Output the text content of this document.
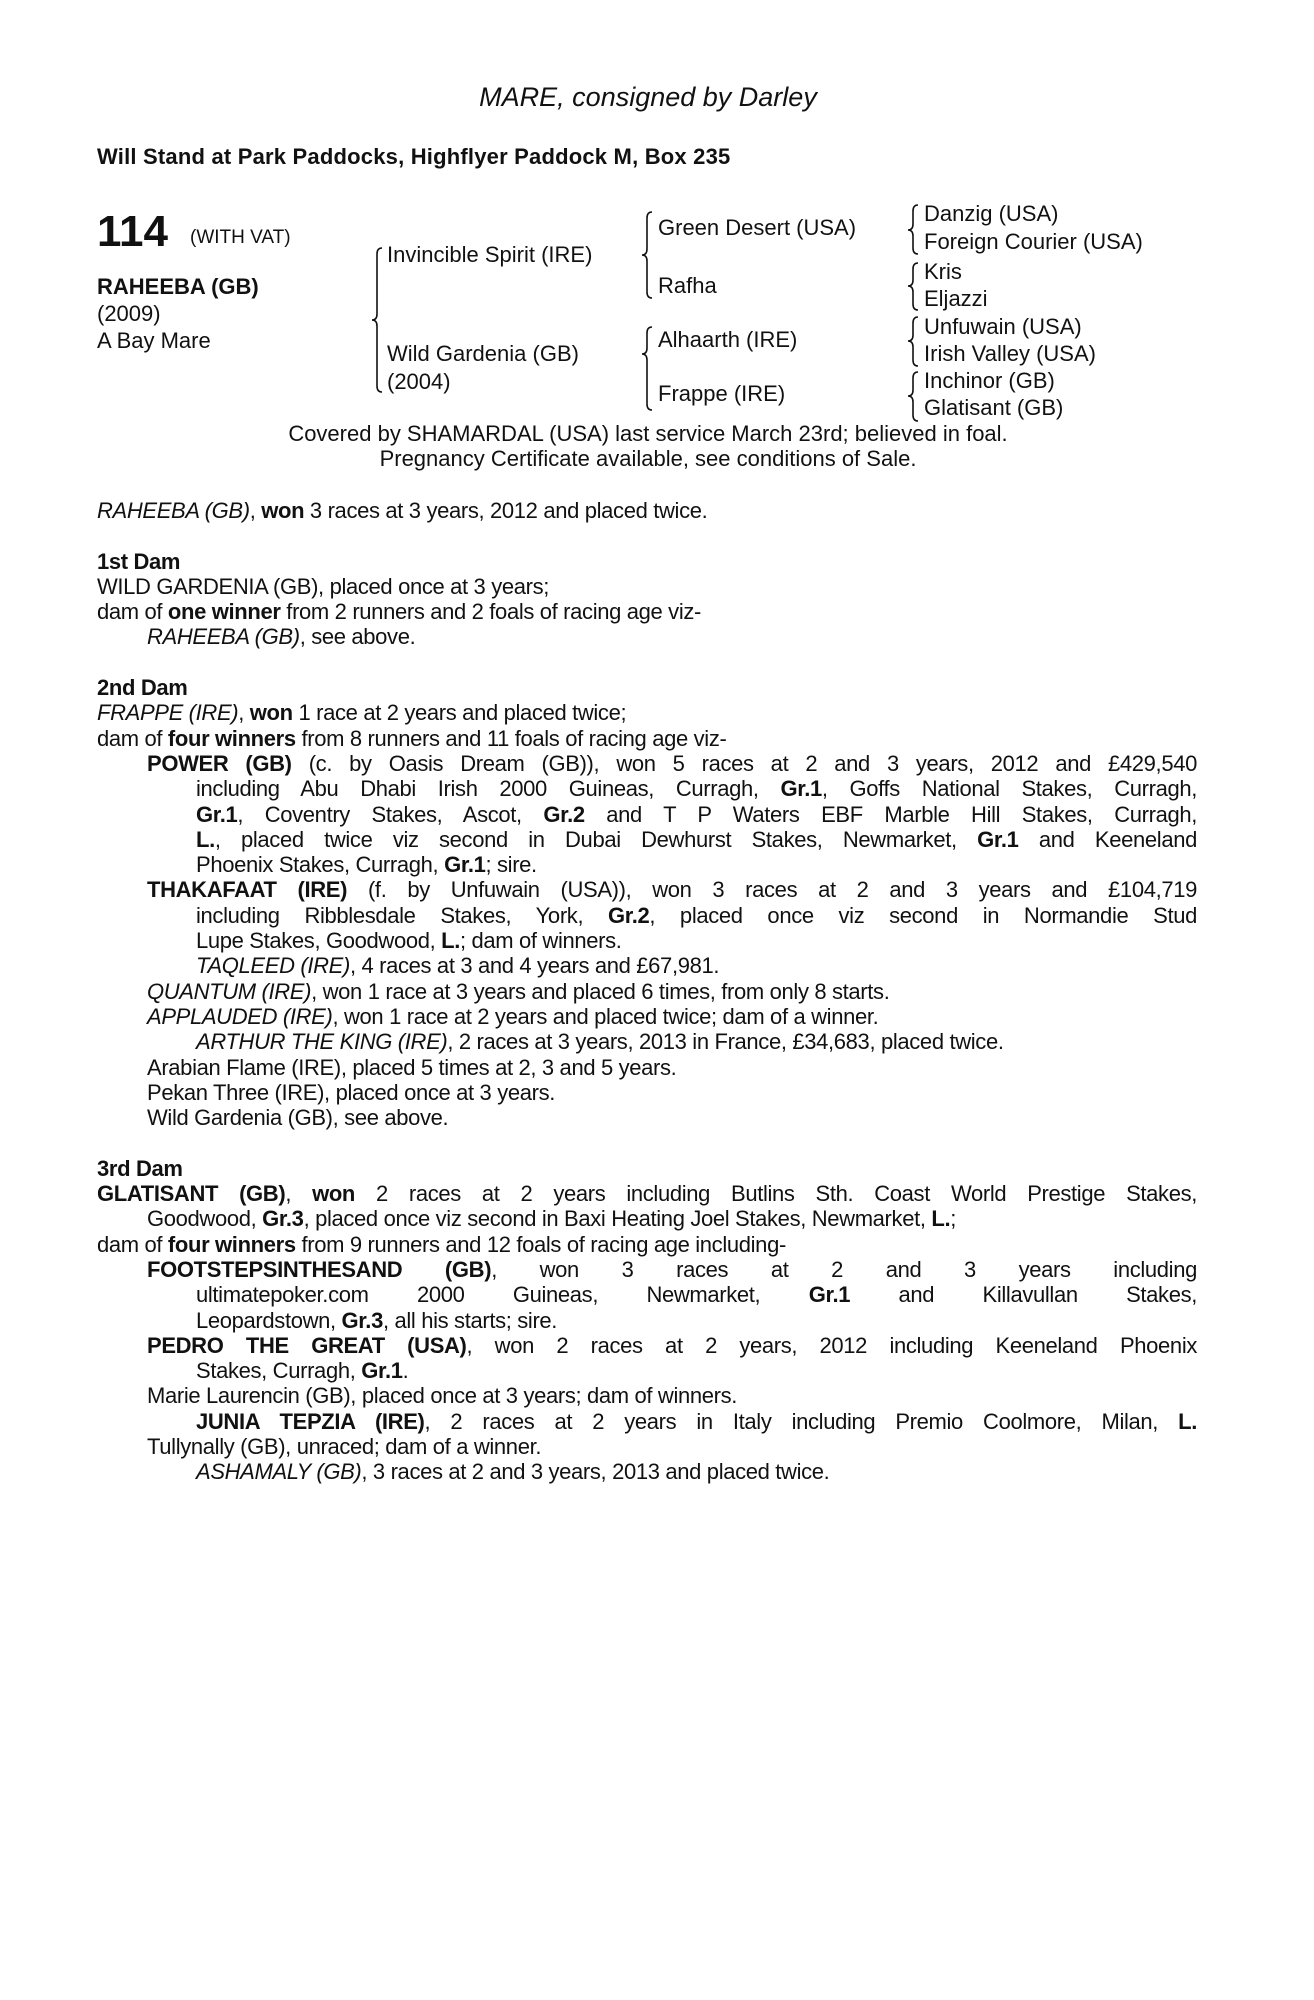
MARE, consigned by Darley
Will Stand at Park Paddocks, Highflyer Paddock M, Box 235
114 (WITH VAT)
RAHEEBA (GB)
(2009)
A Bay Mare
Invincible Spirit (IRE)
Wild Gardenia (GB)
(2004)
Green Desert (USA)
Rafha
Alhaarth (IRE)
Frappe (IRE)
Danzig (USA)
Foreign Courier (USA)
Kris
Eljazzi
Unfuwain (USA)
Irish Valley (USA)
Inchinor (GB)
Glatisant (GB)
Covered by SHAMARDAL (USA) last service March 23rd; believed in foal.
Pregnancy Certificate available, see conditions of Sale.
RAHEEBA (GB), won 3 races at 3 years, 2012 and placed twice.
1st Dam
WILD GARDENIA (GB), placed once at 3 years;
dam of one winner from 2 runners and 2 foals of racing age viz-
RAHEEBA (GB), see above.
2nd Dam
FRAPPE (IRE), won 1 race at 2 years and placed twice;
dam of four winners from 8 runners and 11 foals of racing age viz-
POWER (GB) (c. by Oasis Dream (GB)), won 5 races at 2 and 3 years, 2012 and £429,540
including Abu Dhabi Irish 2000 Guineas, Curragh, Gr.1, Goffs National Stakes, Curragh,
Gr.1, Coventry Stakes, Ascot, Gr.2 and T P Waters EBF Marble Hill Stakes, Curragh,
L., placed twice viz second in Dubai Dewhurst Stakes, Newmarket, Gr.1 and Keeneland
Phoenix Stakes, Curragh, Gr.1; sire.
THAKAFAAT (IRE) (f. by Unfuwain (USA)), won 3 races at 2 and 3 years and £104,719
including Ribblesdale Stakes, York, Gr.2, placed once viz second in Normandie Stud
Lupe Stakes, Goodwood, L.; dam of winners.
TAQLEED (IRE), 4 races at 3 and 4 years and £67,981.
QUANTUM (IRE), won 1 race at 3 years and placed 6 times, from only 8 starts.
APPLAUDED (IRE), won 1 race at 2 years and placed twice; dam of a winner.
ARTHUR THE KING (IRE), 2 races at 3 years, 2013 in France, £34,683, placed twice.
Arabian Flame (IRE), placed 5 times at 2, 3 and 5 years.
Pekan Three (IRE), placed once at 3 years.
Wild Gardenia (GB), see above.
3rd Dam
GLATISANT (GB), won 2 races at 2 years including Butlins Sth. Coast World Prestige Stakes,
Goodwood, Gr.3, placed once viz second in Baxi Heating Joel Stakes, Newmarket, L.;
dam of four winners from 9 runners and 12 foals of racing age including-
FOOTSTEPSINTHESAND (GB), won 3 races at 2 and 3 years including
ultimatepoker.com 2000 Guineas, Newmarket, Gr.1 and Killavullan Stakes,
Leopardstown, Gr.3, all his starts; sire.
PEDRO THE GREAT (USA), won 2 races at 2 years, 2012 including Keeneland Phoenix
Stakes, Curragh, Gr.1.
Marie Laurencin (GB), placed once at 3 years; dam of winners.
JUNIA TEPZIA (IRE), 2 races at 2 years in Italy including Premio Coolmore, Milan, L.
Tullynally (GB), unraced; dam of a winner.
ASHAMALY (GB), 3 races at 2 and 3 years, 2013 and placed twice.
